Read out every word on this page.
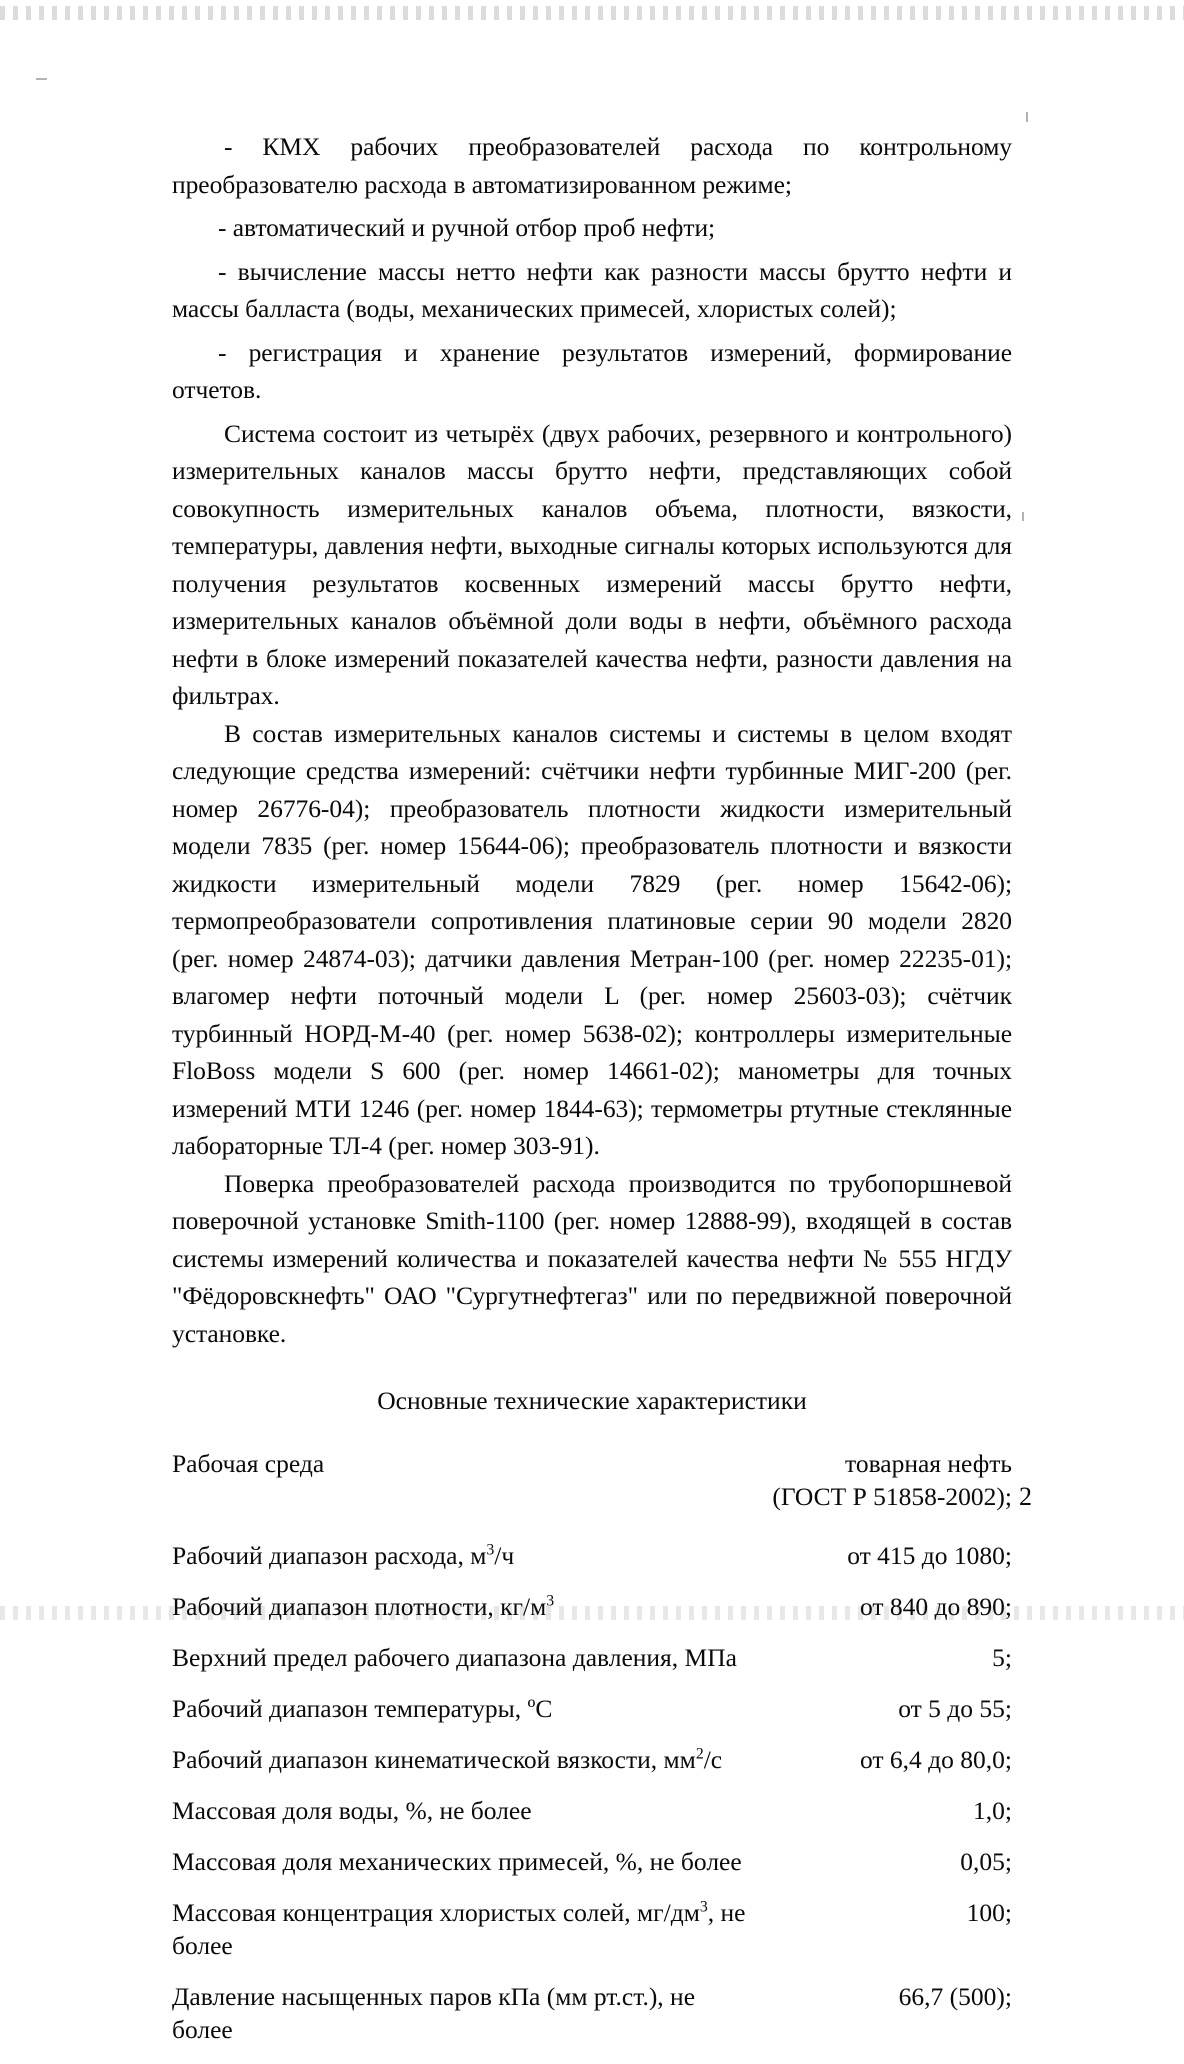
- КМХ рабочих преобразователей расхода по контрольному преобразователю расхода в автоматизированном режиме;

- автоматический и ручной отбор проб нефти;

- вычисление массы нетто нефти как разности массы брутто нефти и массы балласта (воды, механических примесей, хлористых солей);

- регистрация и хранение результатов измерений, формирование отчетов.

Система состоит из четырёх (двух рабочих, резервного и контрольного) измерительных каналов массы брутто нефти, представляющих собой совокупность измерительных каналов объема, плотности, вязкости, температуры, давления нефти, выходные сигналы которых используются для получения результатов косвенных измерений массы брутто нефти, измерительных каналов объёмной доли воды в нефти, объёмного расхода нефти в блоке измерений показателей качества нефти, разности давления на фильтрах.

В состав измерительных каналов системы и системы в целом входят следующие средства измерений: счётчики нефти турбинные МИГ-200 (рег. номер 26776-04); преобразователь плотности жидкости измерительный модели 7835 (рег. номер 15644-06); преобразователь плотности и вязкости жидкости измерительный модели 7829 (рег. номер 15642-06); термопреобразователи сопротивления платиновые серии 90 модели 2820 (рег. номер 24874-03); датчики давления Метран-100 (рег. номер 22235-01); влагомер нефти поточный модели L (рег. номер 25603-03); счётчик турбинный НОРД-М-40 (рег. номер 5638-02); контроллеры измерительные FloBoss модели S 600 (рег. номер 14661-02); манометры для точных измерений МТИ 1246 (рег. номер 1844-63); термометры ртутные стеклянные лабораторные ТЛ-4 (рег. номер 303-91).

Поверка преобразователей расхода производится по трубопоршневой поверочной установке Smith-1100 (рег. номер 12888-99), входящей в состав системы измерений количества и показателей качества нефти № 555 НГДУ "Фёдоровскнефть" ОАО "Сургутнефтегаз" или по передвижной поверочной установке.

Основные технические характеристики

Рабочая среда	товарная нефть
(ГОСТ Р 51858-2002);

Рабочий диапазон расхода, $м^3/ч$	от 415 до 1080;

Рабочий диапазон плотности, $кг/м^3$	от 840 до 890;

Верхний предел рабочего диапазона давления, МПа	5;

Рабочий диапазон температуры, ºС	от 5 до 55;

Рабочий диапазон кинематической вязкости, $мм^2/с$	от 6,4 до 80,0;

Массовая доля воды, %, не более	1,0;

Массовая доля механических примесей, %, не более	0,05;

Массовая концентрация хлористых солей, $мг/дм^3$, не более	100;

Давление насыщенных паров кПа (мм рт.ст.), не более	66,7 (500);
2
